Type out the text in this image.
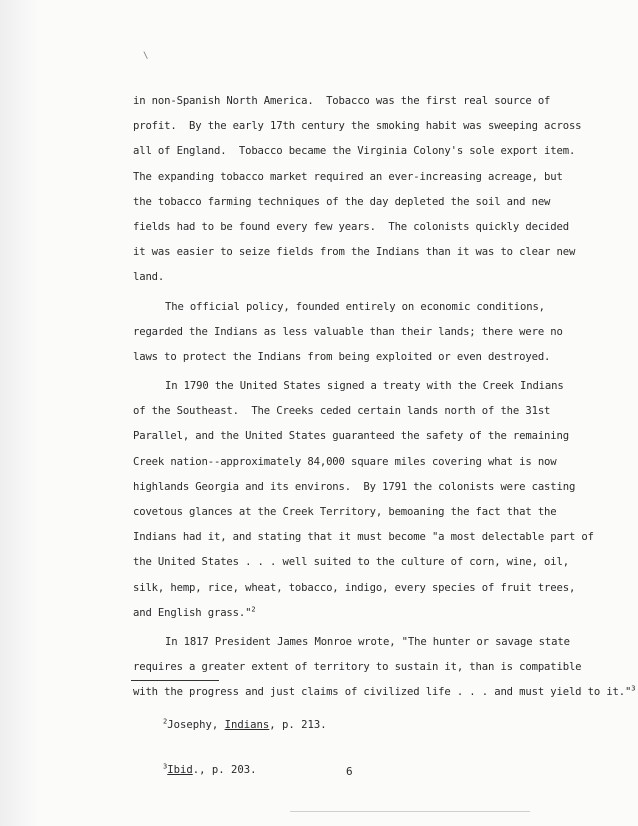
\
in non-Spanish North America.  Tobacco was the first real source of
profit.  By the early 17th century the smoking habit was sweeping across
all of England.  Tobacco became the Virginia Colony's sole export item.
The expanding tobacco market required an ever-increasing acreage, but
the tobacco farming techniques of the day depleted the soil and new
fields had to be found every few years.  The colonists quickly decided
it was easier to seize fields from the Indians than it was to clear new
land.
The official policy, founded entirely on economic conditions,
regarded the Indians as less valuable than their lands; there were no
laws to protect the Indians from being exploited or even destroyed.
In 1790 the United States signed a treaty with the Creek Indians
of the Southeast.  The Creeks ceded certain lands north of the 31st
Parallel, and the United States guaranteed the safety of the remaining
Creek nation--approximately 84,000 square miles covering what is now
highlands Georgia and its environs.  By 1791 the colonists were casting
covetous glances at the Creek Territory, bemoaning the fact that the
Indians had it, and stating that it must become "a most delectable part of
the United States . . . well suited to the culture of corn, wine, oil,
silk, hemp, rice, wheat, tobacco, indigo, every species of fruit trees,
and English grass."$^2$
In 1817 President James Monroe wrote, "The hunter or savage state
requires a greater extent of territory to sustain it, than is compatible
with the progress and just claims of civilized life . . . and must yield to it."$^3$

$^2$Josephy, Indians, p. 213.

$^3$Ibid., p. 203.

	6
